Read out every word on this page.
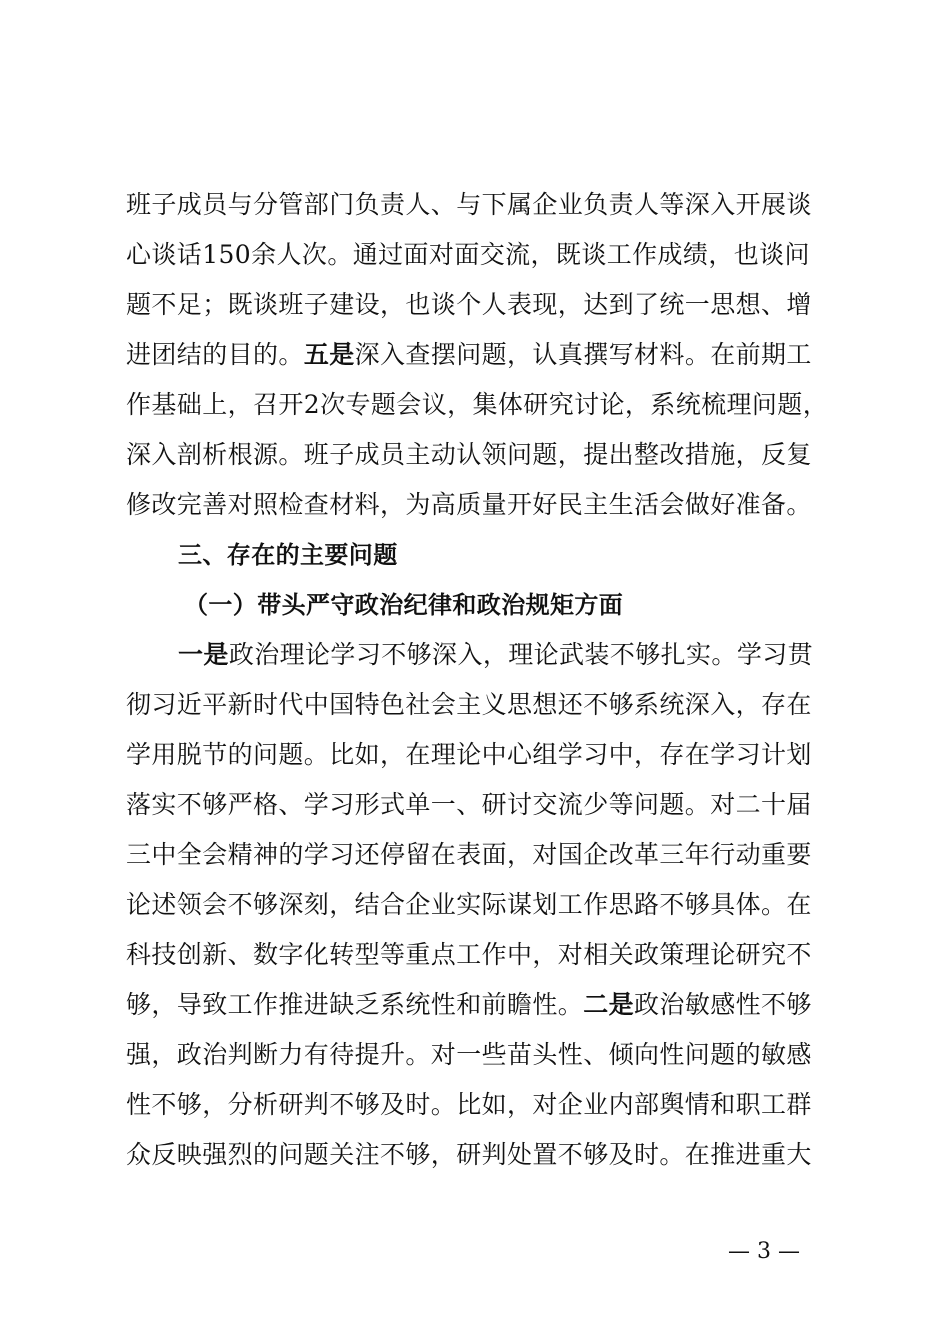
班子成员与分管部门负责人、与下属企业负责人等深入开展谈
心谈话150余人次。通过面对面交流，既谈工作成绩，也谈问
题不足；既谈班子建设，也谈个人表现，达到了统一思想、增
进团结的目的。五是深入查摆问题，认真撰写材料。在前期工
作基础上，召开2次专题会议，集体研究讨论，系统梳理问题，
深入剖析根源。班子成员主动认领问题，提出整改措施，反复
修改完善对照检查材料，为高质量开好民主生活会做好准备。
三、存在的主要问题
（一）带头严守政治纪律和政治规矩方面
一是政治理论学习不够深入，理论武装不够扎实。学习贯
彻习近平新时代中国特色社会主义思想还不够系统深入，存在
学用脱节的问题。比如，在理论中心组学习中，存在学习计划
落实不够严格、学习形式单一、研讨交流少等问题。对二十届
三中全会精神的学习还停留在表面，对国企改革三年行动重要
论述领会不够深刻，结合企业实际谋划工作思路不够具体。在
科技创新、数字化转型等重点工作中，对相关政策理论研究不
够，导致工作推进缺乏系统性和前瞻性。二是政治敏感性不够
强，政治判断力有待提升。对一些苗头性、倾向性问题的敏感
性不够，分析研判不够及时。比如，对企业内部舆情和职工群
众反映强烈的问题关注不够，研判处置不够及时。在推进重大
— 3 —
